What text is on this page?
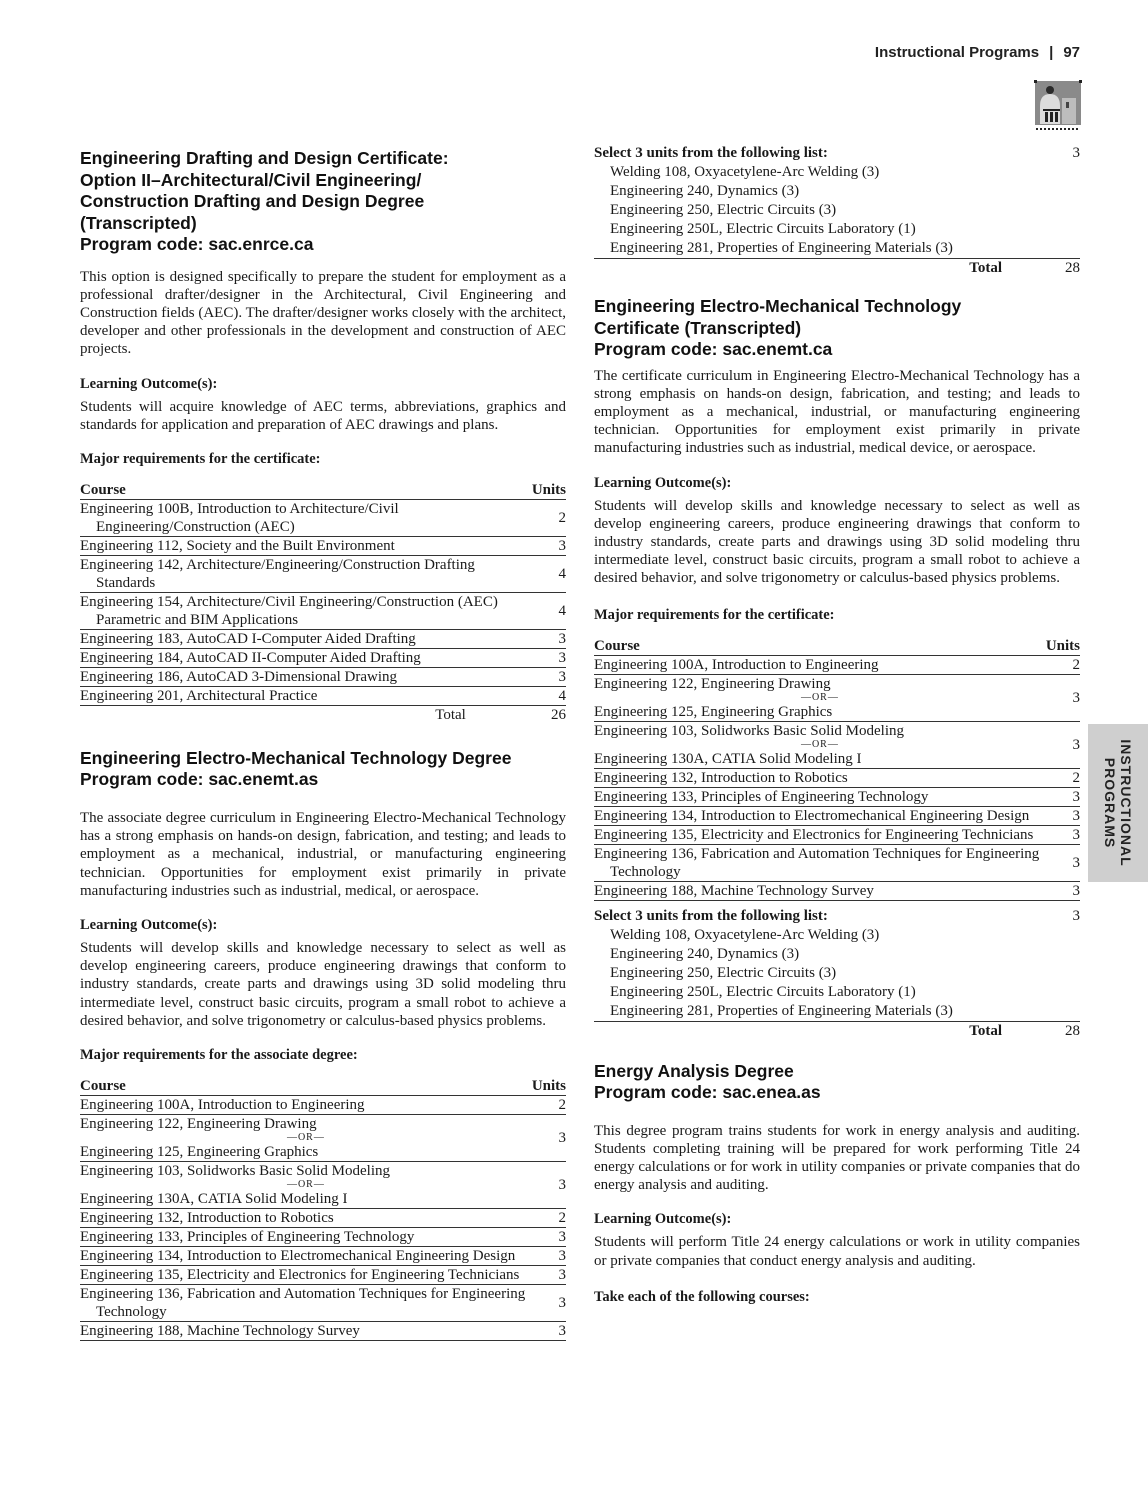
Instructional Programs | 97
INSTRUCTIONAL
PROGRAMS
Engineering Drafting and Design Certificate:
Option II–Architectural/Civil Engineering/
Construction Drafting and Design Degree
(Transcripted)
Program code: sac.enrce.ca

This option is designed specifically to prepare the student for employment as a professional drafter/designer in the Architectural, Civil Engineering and Construction fields (AEC). The drafter/designer works closely with the architect, developer and other professionals in the development and construction of AEC projects.

Learning Outcome(s):

Students will acquire knowledge of AEC terms, abbreviations, graphics and standards for application and preparation of AEC drawings and plans.

Major requirements for the certificate:

Course	Units

Engineering 100B, Introduction to Architecture/Civil Engineering/Construction (AEC)	2

Engineering 112, Society and the Built Environment	3

Engineering 142, Architecture/Engineering/Construction Drafting Standards	4

Engineering 154, Architecture/Civil Engineering/Construction (AEC) Parametric and BIM Applications	4

Engineering 183, AutoCAD I-Computer Aided Drafting	3

Engineering 184, AutoCAD II-Computer Aided Drafting	3

Engineering 186, AutoCAD 3-Dimensional Drawing	3

Engineering 201, Architectural Practice	4
Total	26
Engineering Electro-Mechanical Technology Degree
Program code: sac.enemt.as

The associate degree curriculum in Engineering Electro-Mechanical Technology has a strong emphasis on hands-on design, fabrication, and testing; and leads to employment as a mechanical, industrial, or manufacturing engineering technician. Opportunities for employment exist primarily in private manufacturing industries such as industrial, medical, or aerospace.

Learning Outcome(s):

Students will develop skills and knowledge necessary to select as well as develop engineering careers, produce engineering drawings that conform to industry standards, create parts and drawings using 3D solid modeling thru intermediate level, construct basic circuits, program a small robot to achieve a desired behavior, and solve trigonometry or calculus-based physics problems.

Major requirements for the associate degree:

Course	Units

Engineering 100A, Introduction to Engineering	2

Engineering 122, Engineering Drawing
—OR—
Engineering 125, Engineering Graphics	3

Engineering 103, Solidworks Basic Solid Modeling
—OR—
Engineering 130A, CATIA Solid Modeling I	3

Engineering 132, Introduction to Robotics	2

Engineering 133, Principles of Engineering Technology	3

Engineering 134, Introduction to Electromechanical Engineering Design	3

Engineering 135, Electricity and Electronics for Engineering Technicians	3

Engineering 136, Fabrication and Automation Techniques for Engineering Technology	3

Engineering 188, Machine Technology Survey	3
Select 3 units from the following list:	3
Welding 108, Oxyacetylene-Arc Welding (3)
Engineering 240, Dynamics (3)
Engineering 250, Electric Circuits (3)
Engineering 250L, Electric Circuits Laboratory (1)
Engineering 281, Properties of Engineering Materials (3)
Total	28
Engineering Electro-Mechanical Technology
Certificate (Transcripted)
Program code: sac.enemt.ca

The certificate curriculum in Engineering Electro-Mechanical Technology has a strong emphasis on hands-on design, fabrication, and testing; and leads to employment as a mechanical, industrial, or manufacturing engineering technician. Opportunities for employment exist primarily in private manufacturing industries such as industrial, medical device, or aerospace.

Learning Outcome(s):

Students will develop skills and knowledge necessary to select as well as develop engineering careers, produce engineering drawings that conform to industry standards, create parts and drawings using 3D solid modeling thru intermediate level, construct basic circuits, program a small robot to achieve a desired behavior, and solve trigonometry or calculus-based physics problems.

Major requirements for the certificate:

Course	Units

Engineering 100A, Introduction to Engineering	2

Engineering 122, Engineering Drawing
—OR—
Engineering 125, Engineering Graphics	3

Engineering 103, Solidworks Basic Solid Modeling
—OR—
Engineering 130A, CATIA Solid Modeling I	3

Engineering 132, Introduction to Robotics	2

Engineering 133, Principles of Engineering Technology	3

Engineering 134, Introduction to Electromechanical Engineering Design	3

Engineering 135, Electricity and Electronics for Engineering Technicians	3

Engineering 136, Fabrication and Automation Techniques for Engineering Technology	3

Engineering 188, Machine Technology Survey	3
Select 3 units from the following list:	3
Welding 108, Oxyacetylene-Arc Welding (3)
Engineering 240, Dynamics (3)
Engineering 250, Electric Circuits (3)
Engineering 250L, Electric Circuits Laboratory (1)
Engineering 281, Properties of Engineering Materials (3)
Total	28
Energy Analysis Degree
Program code: sac.enea.as

This degree program trains students for work in energy analysis and auditing. Students completing training will be prepared for work performing Title 24 energy calculations or for work in utility companies or private companies that do energy analysis and auditing.

Learning Outcome(s):

Students will perform Title 24 energy calculations or work in utility companies or private companies that conduct energy analysis and auditing.

Take each of the following courses:
